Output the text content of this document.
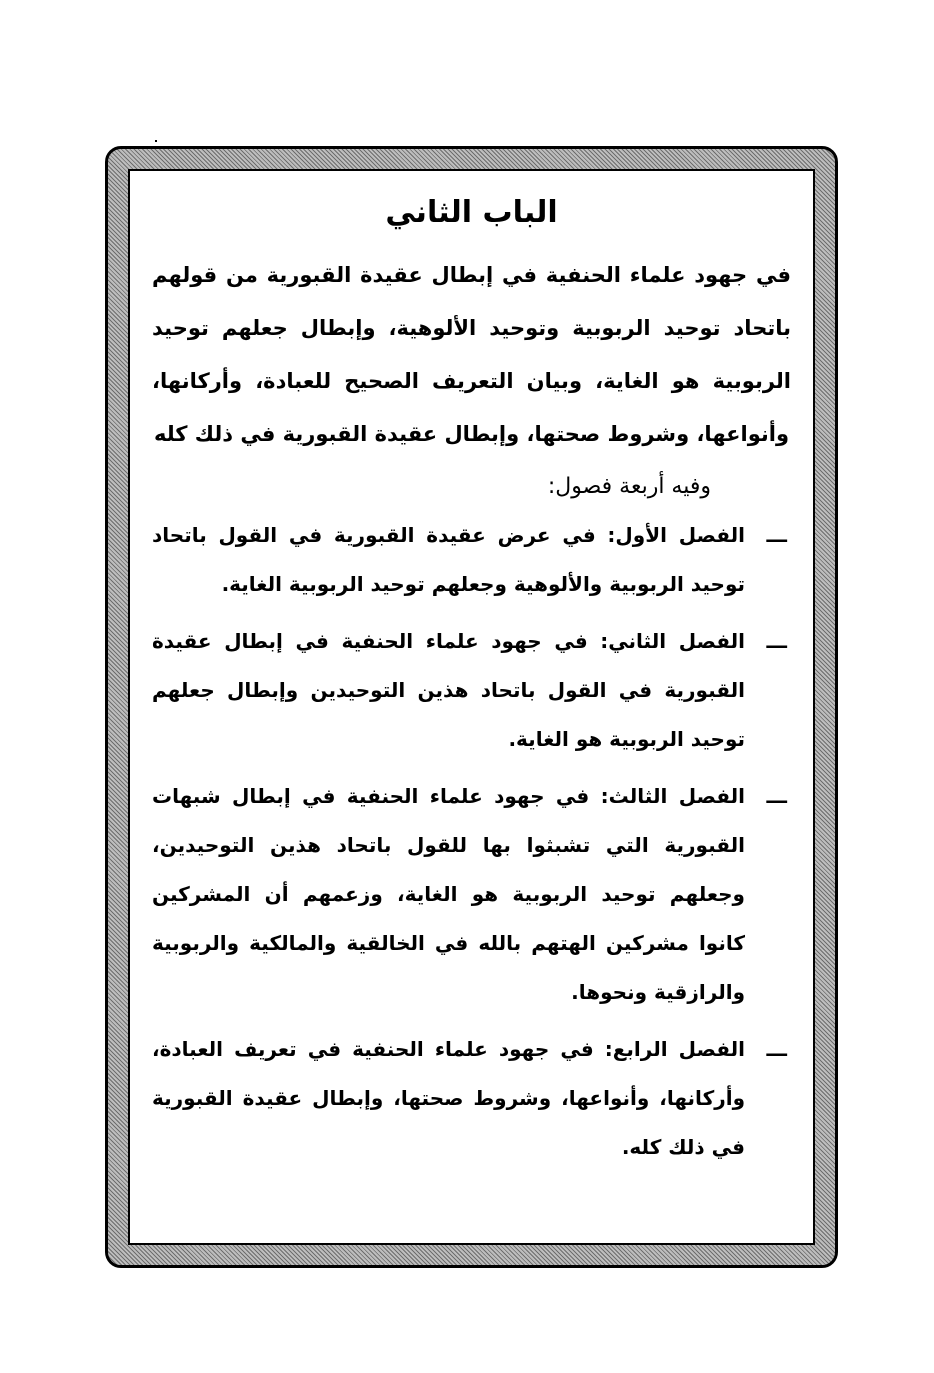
الباب الثاني

في جهود علماء الحنفية في إبطال عقيدة القبورية من قولهم باتحاد توحيد الربوبية وتوحيد الألوهية، وإبطال جعلهم توحيد الربوبية هو الغاية، وبيان التعريف الصحيح للعبادة، وأركانها، وأنواعها، وشروط صحتها، وإبطال عقيدة القبورية في ذلك كله

وفيه أربعة فصول:

ـــ
الفصل الأول: في عرض عقيدة القبورية في القول باتحاد توحيد الربوبية والألوهية وجعلهم توحيد الربوبية الغاية.
ـــ
الفصل الثاني: في جهود علماء الحنفية في إبطال عقيدة القبورية في القول باتحاد هذين التوحيدين وإبطال جعلهم توحيد الربوبية هو الغاية.
ـــ
الفصل الثالث: في جهود علماء الحنفية في إبطال شبهات القبورية التي تشبثوا بها للقول باتحاد هذين التوحيدين، وجعلهم توحيد الربوبية هو الغاية، وزعمهم أن المشركين كانوا مشركين الهتهم بالله في الخالقية والمالكية والربوبية والرازقية ونحوها.
ـــ
الفصل الرابع: في جهود علماء الحنفية في تعريف العبادة، وأركانها، وأنواعها، وشروط صحتها، وإبطال عقيدة القبورية في ذلك كله.
